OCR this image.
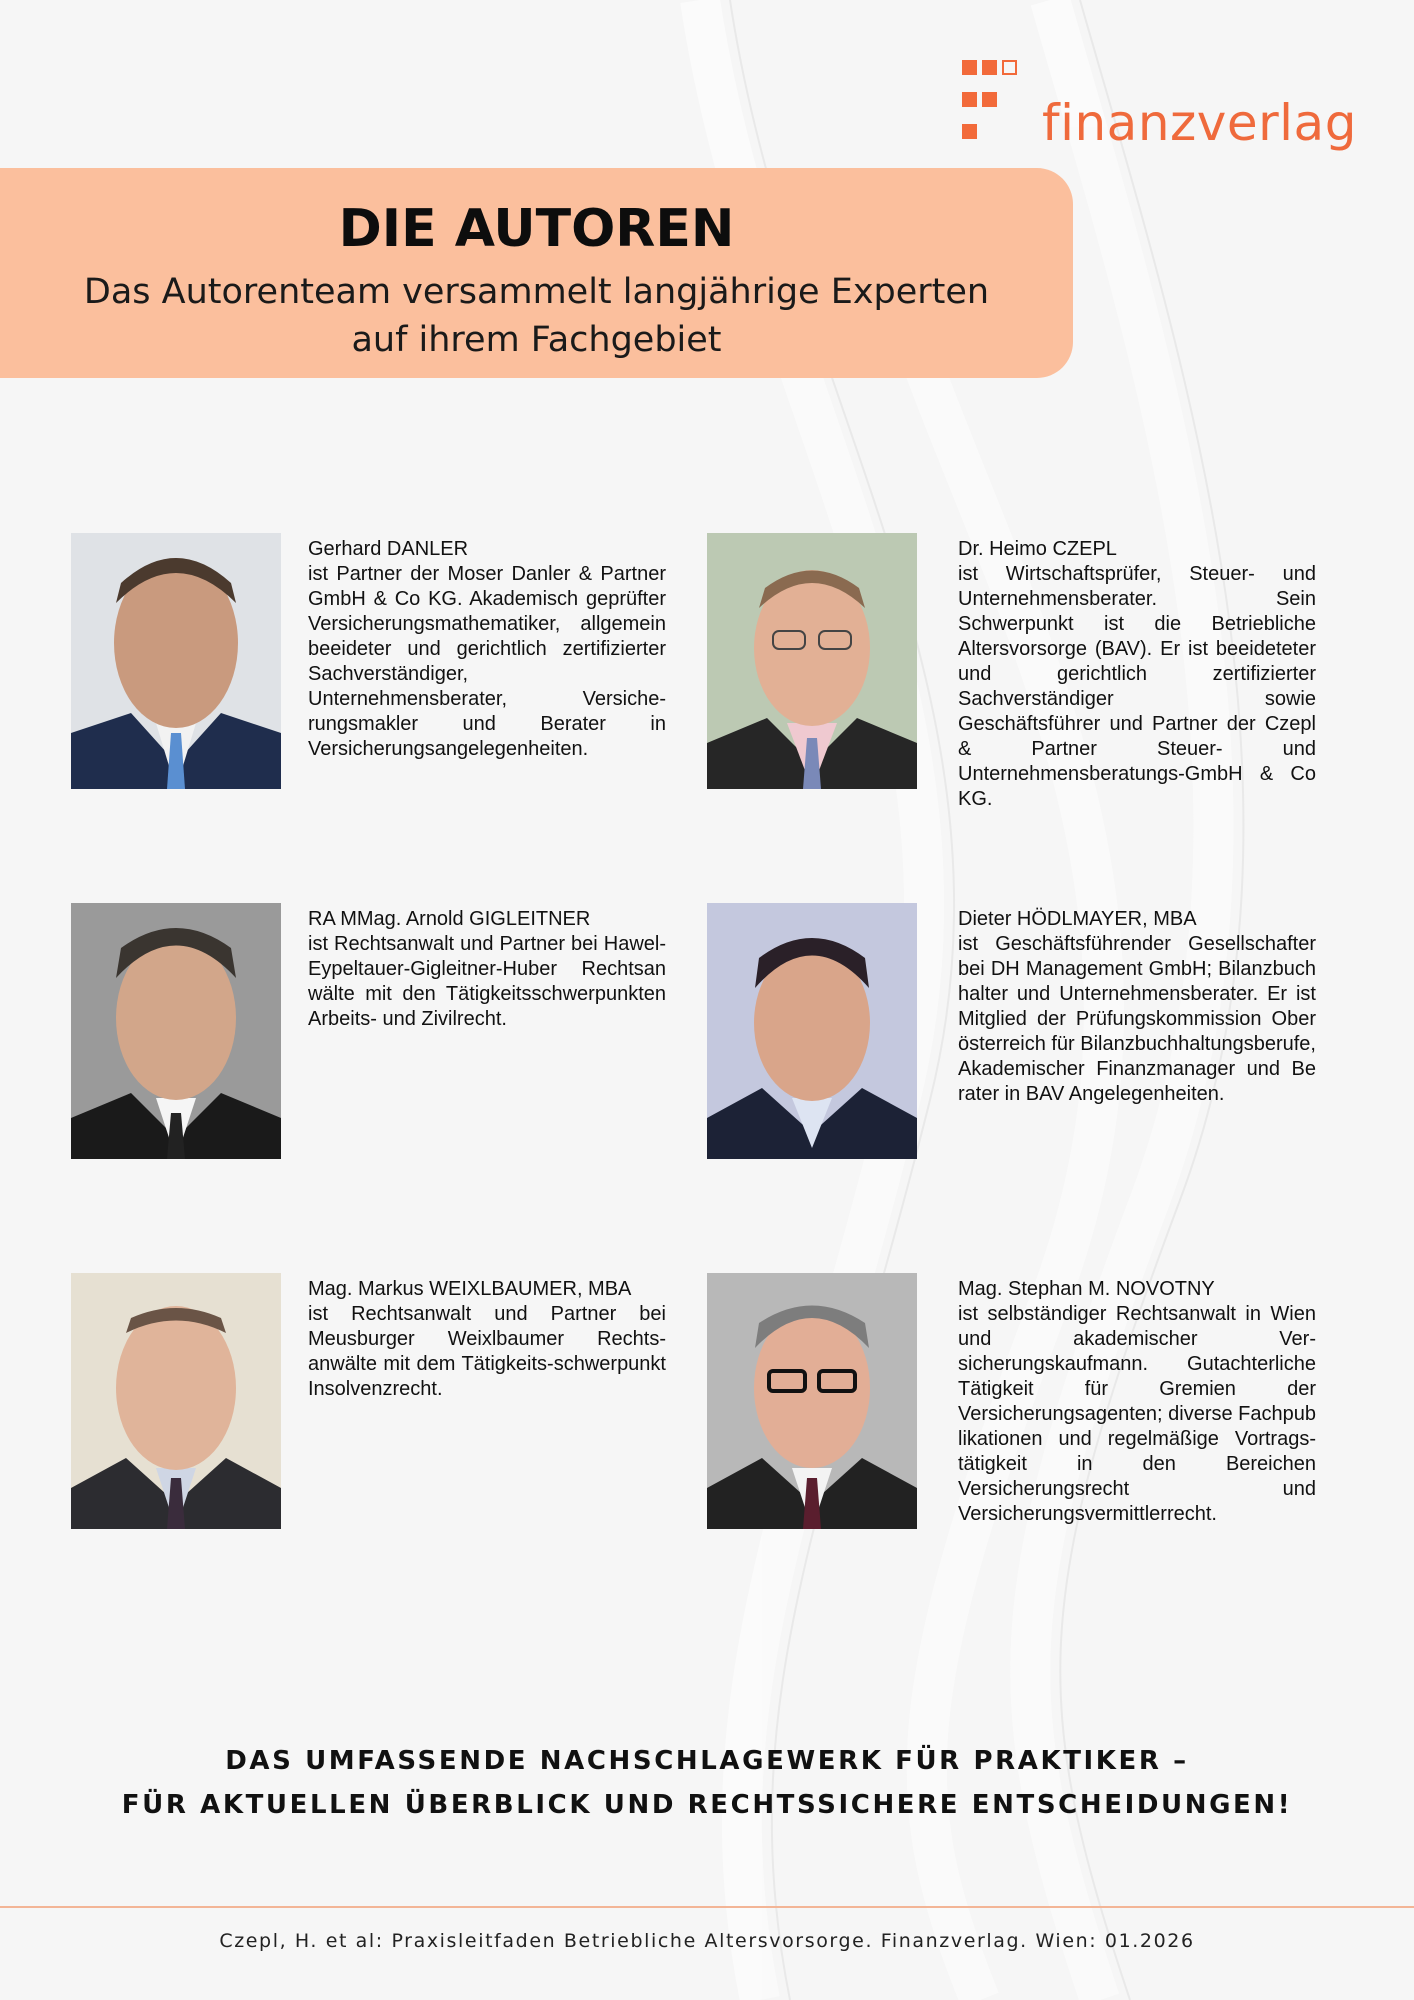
finanzverlag
DIE AUTOREN
Das Autorenteam versammelt langjährige Experten
auf ihrem Fachgebiet
Gerhard DANLER
ist Partner der Moser Danler & Partner GmbH & Co KG. Akademisch geprüfter Versicherungsmathematiker, allgemein beeideter und gerichtlich zertifizierter Sachverständiger, Unternehmensberater, Versicherungsmakler und Berater in Versicherungsangelegenheiten.
Dr. Heimo CZEPL
ist Wirtschaftsprüfer, Steuer- und Unternehmensberater. Sein Schwerpunkt ist die Betriebliche Altersvorsorge (BAV). Er ist beeideteter und gerichtlich zertifizierter Sachverständiger sowie Geschäftsführer und Partner der Czepl & Partner Steuer- und Unternehmensberatungs-GmbH & Co KG.
RA MMag. Arnold GIGLEITNER
ist Rechtsanwalt und Partner bei Hawel-Eypeltauer-Gigleitner-Huber Rechtsan wälte mit den Tätigkeitsschwerpunkten Arbeits- und Zivilrecht.
Dieter HÖDLMAYER, MBA
ist Geschäftsführender Gesellschafter bei DH Management GmbH; Bilanzbuch halter und Unternehmensberater. Er ist Mitglied der Prüfungskommission Ober österreich für Bilanzbuchhaltungsberufe, Akademischer Finanzmanager und Be rater in BAV Angelegenheiten.
Mag. Markus WEIXLBAUMER, MBA
ist Rechtsanwalt und Partner bei Meusburger Weixlbaumer Rechts-anwälte mit dem Tätigkeits-schwerpunkt Insolvenzrecht.
Mag. Stephan M. NOVOTNY
ist selbständiger Rechtsanwalt in Wien und akademischer Versicherungskaufmann. Gutachterliche Tätigkeit für Gremien der Versicherungsagenten; diverse Fachpub likationen und regelmäßige Vortragstätigkeit in den Bereichen Versicherungsrecht und Versicherungsvermittlerrecht.
DAS UMFASSENDE NACHSCHLAGEWERK FÜR PRAKTIKER –
FÜR AKTUELLEN ÜBERBLICK UND RECHTSSICHERE ENTSCHEIDUNGEN!
Czepl, H. et al: Praxisleitfaden Betriebliche Altersvorsorge. Finanzverlag. Wien: 01.2026
